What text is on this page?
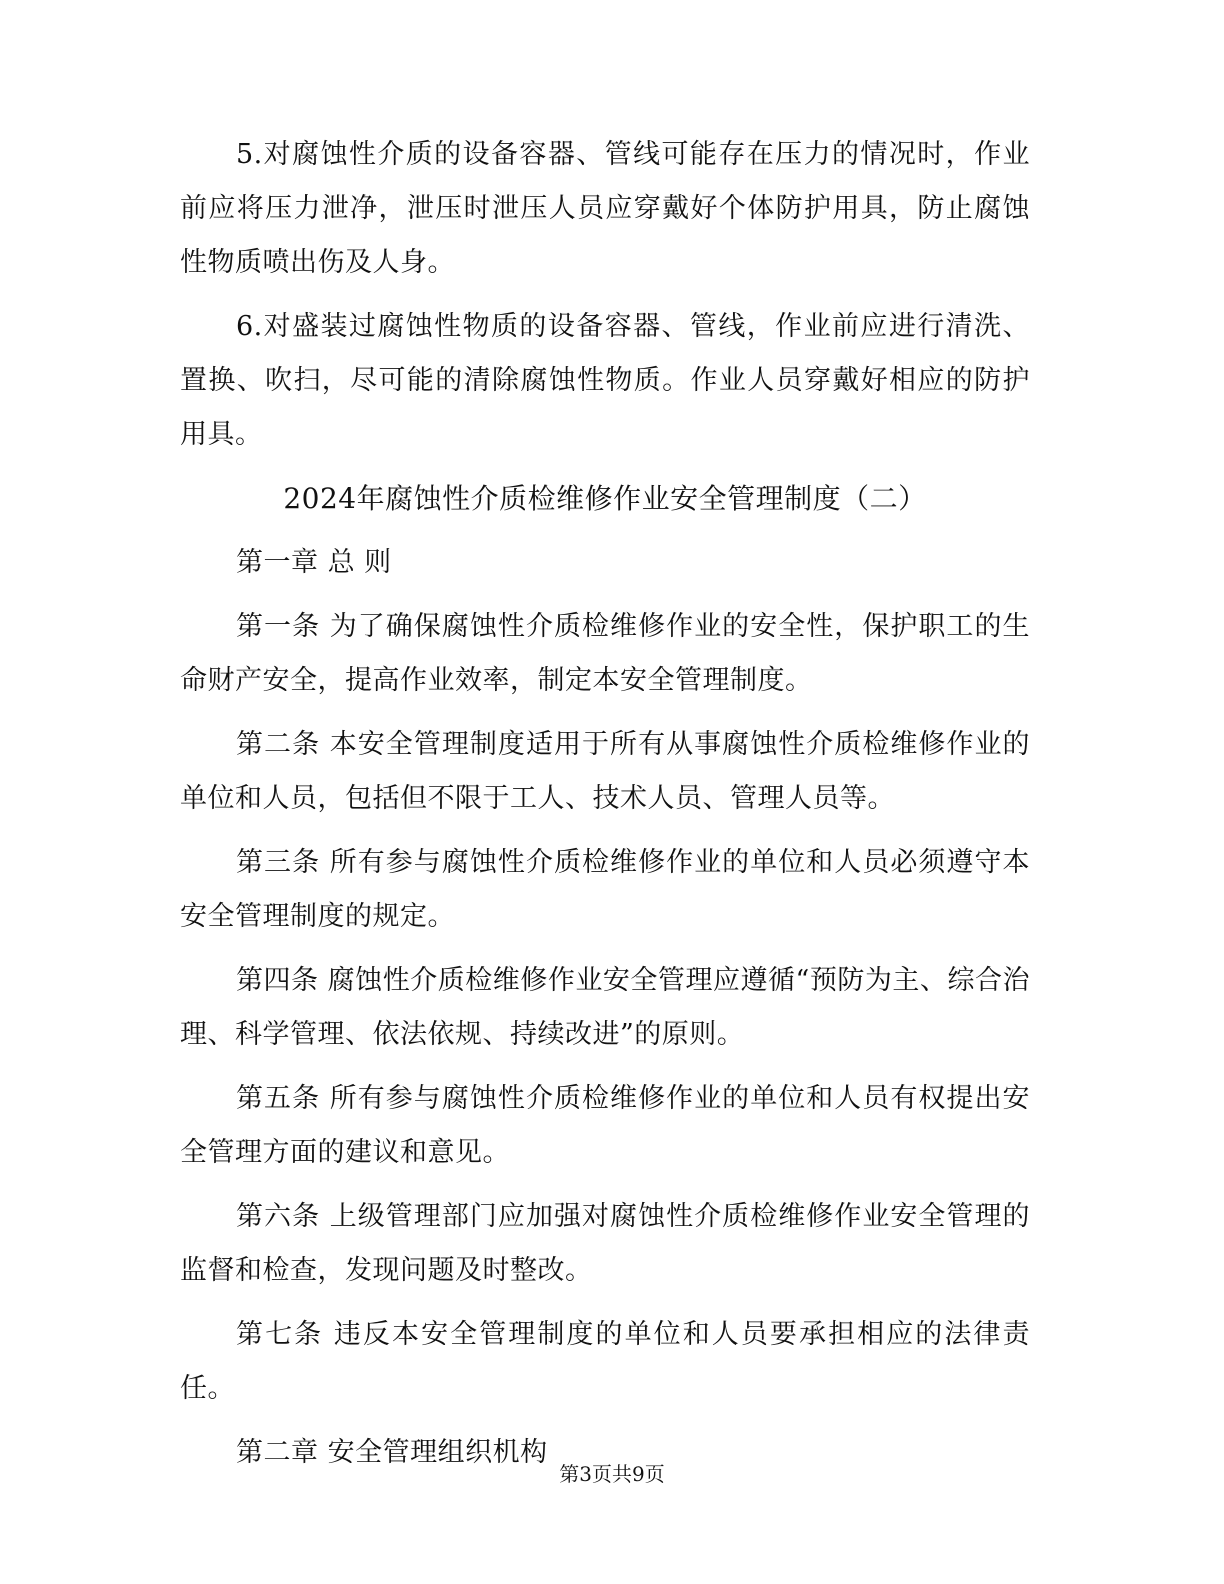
5.对腐蚀性介质的设备容器、管线可能存在压力的情况时，作业前应将压力泄净，泄压时泄压人员应穿戴好个体防护用具，防止腐蚀性物质喷出伤及人身。

6.对盛装过腐蚀性物质的设备容器、管线，作业前应进行清洗、置换、吹扫，尽可能的清除腐蚀性物质。作业人员穿戴好相应的防护用具。

2024年腐蚀性介质检维修作业安全管理制度（二）

第一章 总 则

第一条 为了确保腐蚀性介质检维修作业的安全性，保护职工的生命财产安全，提高作业效率，制定本安全管理制度。

第二条 本安全管理制度适用于所有从事腐蚀性介质检维修作业的单位和人员，包括但不限于工人、技术人员、管理人员等。

第三条 所有参与腐蚀性介质检维修作业的单位和人员必须遵守本安全管理制度的规定。

第四条 腐蚀性介质检维修作业安全管理应遵循“预防为主、综合治理、科学管理、依法依规、持续改进”的原则。

第五条 所有参与腐蚀性介质检维修作业的单位和人员有权提出安全管理方面的建议和意见。

第六条 上级管理部门应加强对腐蚀性介质检维修作业安全管理的监督和检查，发现问题及时整改。

第七条 违反本安全管理制度的单位和人员要承担相应的法律责任。

第二章 安全管理组织机构

第3页共9页
